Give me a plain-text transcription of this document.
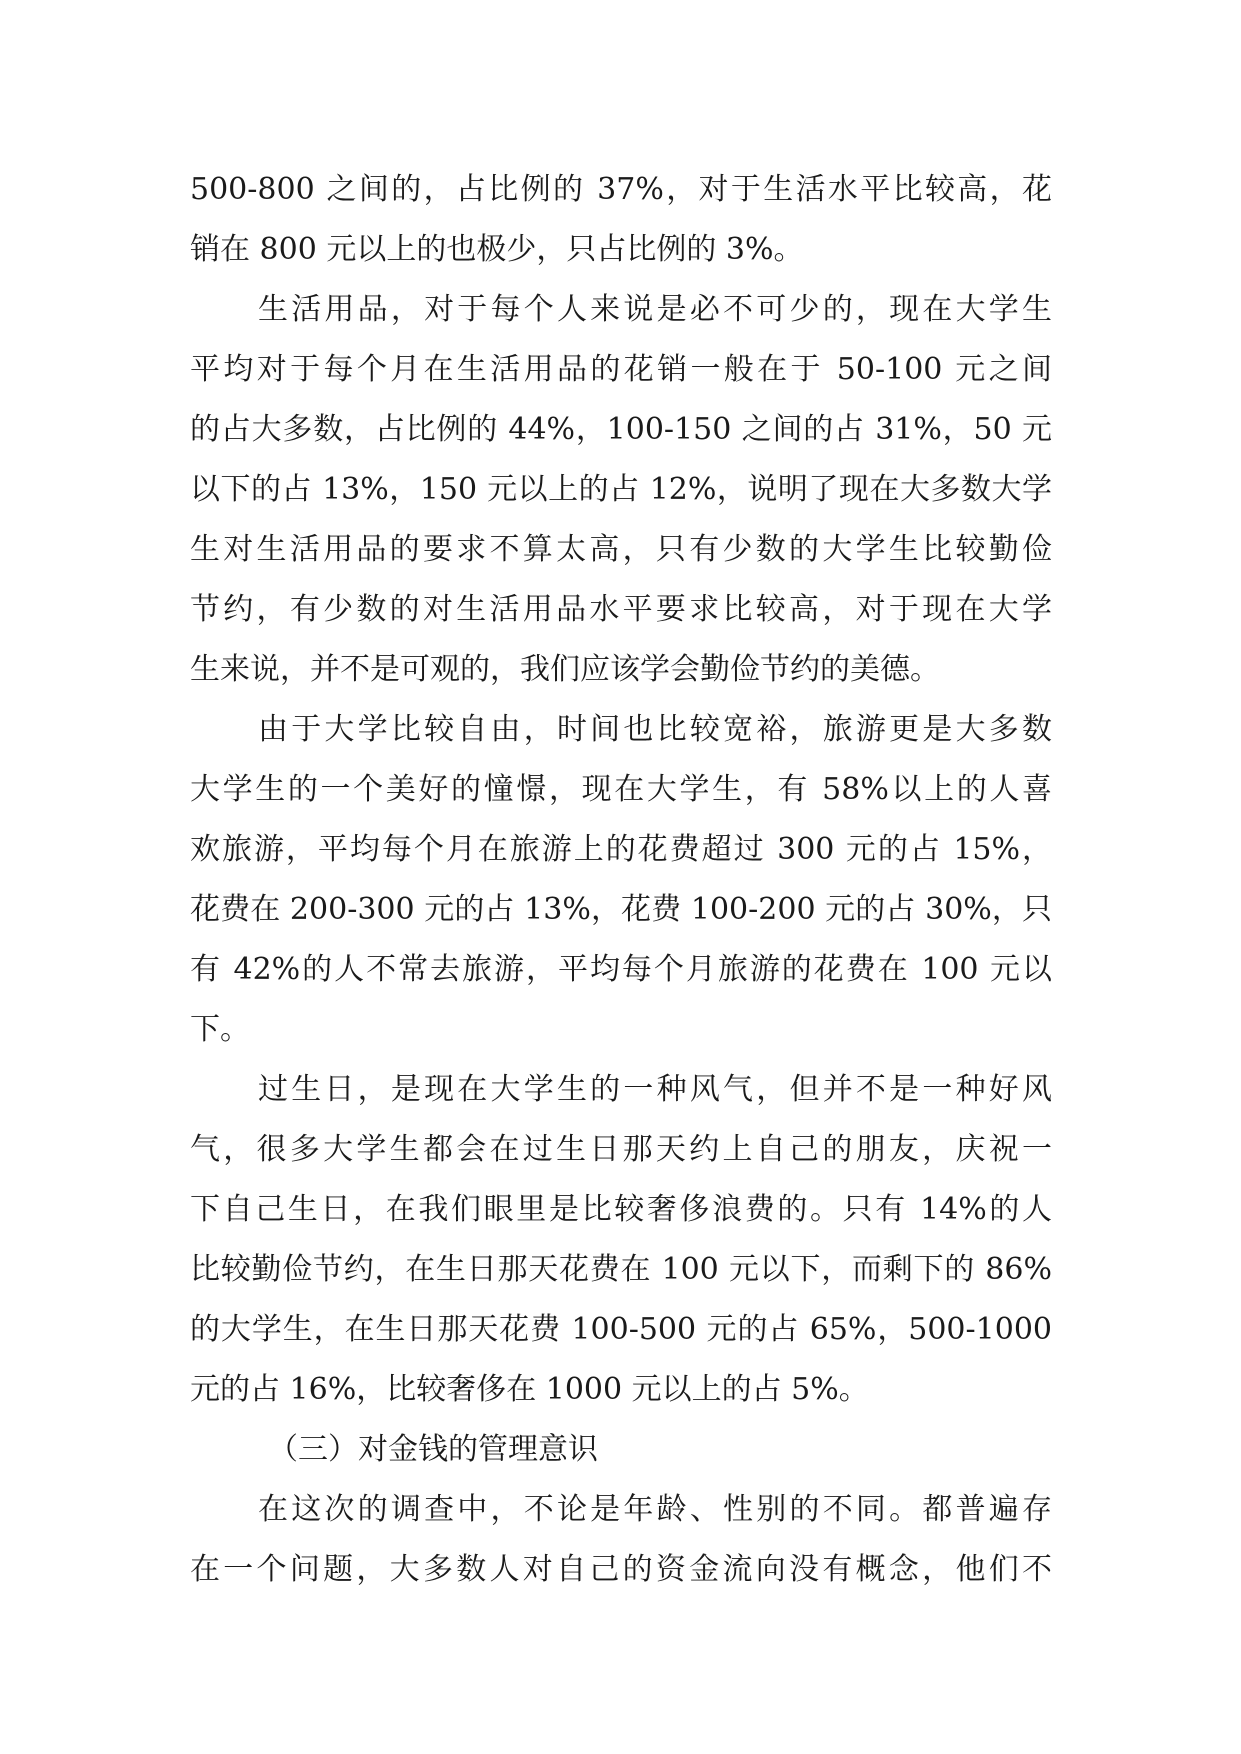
500-800 之间的，占比例的 37%，对于生活水平比较高，花
销在 800 元以上的也极少，只占比例的 3%。
生活用品，对于每个人来说是必不可少的，现在大学生
平均对于每个月在生活用品的花销一般在于 50-100 元之间
的占大多数，占比例的 44%，100-150 之间的占 31%，50 元
以下的占 13%，150 元以上的占 12%，说明了现在大多数大学
生对生活用品的要求不算太高，只有少数的大学生比较勤俭
节约，有少数的对生活用品水平要求比较高，对于现在大学
生来说，并不是可观的，我们应该学会勤俭节约的美德。
由于大学比较自由，时间也比较宽裕，旅游更是大多数
大学生的一个美好的憧憬，现在大学生，有 58%以上的人喜
欢旅游，平均每个月在旅游上的花费超过 300 元的占 15%，
花费在 200-300 元的占 13%，花费 100-200 元的占 30%，只
有 42%的人不常去旅游，平均每个月旅游的花费在 100 元以
下。
过生日，是现在大学生的一种风气，但并不是一种好风
气，很多大学生都会在过生日那天约上自己的朋友，庆祝一
下自己生日，在我们眼里是比较奢侈浪费的。只有 14%的人
比较勤俭节约，在生日那天花费在 100 元以下，而剩下的 86%
的大学生，在生日那天花费 100-500 元的占 65%，500-1000
元的占 16%，比较奢侈在 1000 元以上的占 5%。
（三）对金钱的管理意识
在这次的调查中，不论是年龄、性别的不同。都普遍存
在一个问题，大多数人对自己的资金流向没有概念，他们不
